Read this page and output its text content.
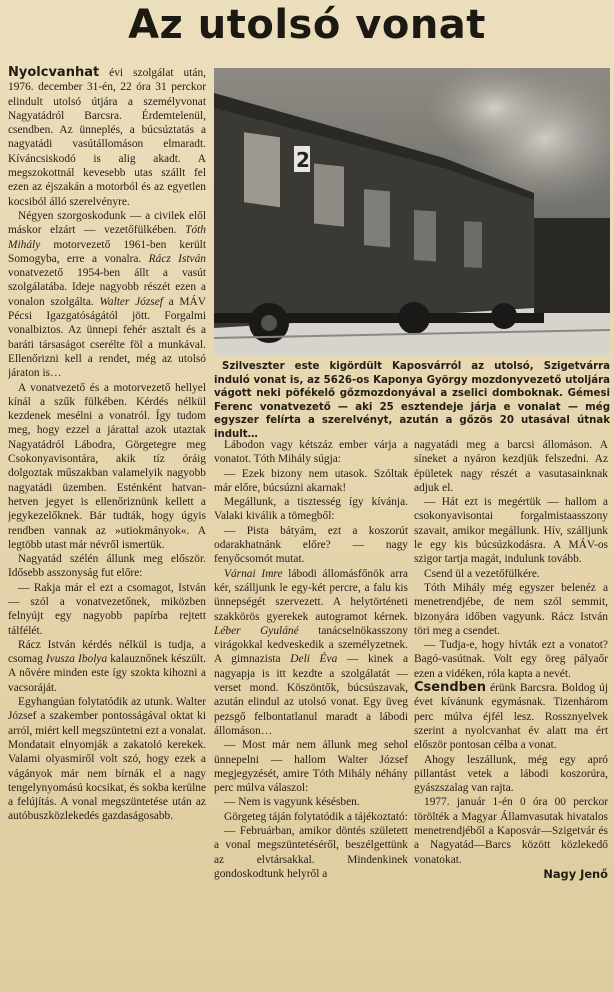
Az utolsó vonat

Nyolcvanhat évi szolgálat után, 1976. december 31-én, 22 óra 31 perckor elindult utolsó útjára a személyvonat Nagyatádról Barcsra. Érdemtelenül, csendben. Az ünneplés, a búcsúztatás a nagyatádi vasútállomáson elmaradt. Kíváncsiskodó is alig akadt. A megszokottnál kevesebb utas szállt fel ezen az éjszakán a motorból és az egyetlen kocsiból álló szerelvényre.

Négyen szorgoskodunk — a civilek elől máskor elzárt — vezetőfülkében. Tóth Mihály motorvezető 1961-ben került Somogyba, erre a vonalra. Rácz István vonatvezető 1954-ben állt a vasút szolgálatába. Ideje nagyobb részét ezen a vonalon szolgálta. Walter József a MÁV Pécsi Igazgatóságától jött. Forgalmi vonalbiztos. Az ünnepi fehér asztalt és a baráti társaságot cserélte föl a munkával. Ellenőrizni kell a rendet, még az utolsó járaton is…

A vonatvezető és a motorvezető hellyel kínál a szűk fülkében. Kérdés nélkül kezdenek mesélni a vonatról. Így tudom meg, hogy ezzel a járattal azok utaztak Nagyatádról Lábodra, Görgetegre meg Csokonyavisontára, akik tíz óráig dolgoztak műszakban valamelyik nagyobb nagyatádi üzemben. Esténként hatvan-hetven jegyet is ellenőriznünk kellett a jegykezelőknek. Bár tudták, hogy úgyis rendben vannak az »utiokmányok«. A legtöbb utast már névről ismertük.

Nagyatád szélén állunk meg először. Idősebb asszonyság fut előre:

— Rakja már el ezt a csomagot, István — szól a vonatvezetőnek, miközben felnyújt egy nagyobb papírba rejtett tálfélét.

Rácz István kérdés nélkül is tudja, a csomag Ivusza Ibolya kalauznőnek készült. A nővére minden este így szokta kihozni a vacsoráját.

Egyhangúan folytatódik az utunk. Walter József a szakember pontosságával oktat ki arról, miért kell megszüntetni ezt a vonalat. Mondatait elnyomják a zakatoló kerekek. Valami olyasmiről volt szó, hogy ezek a vágányok már nem bírnák el a nagy tengelynyomású kocsikat, és sokba kerülne a felújítás. A vonal megszüntetése után az autóbuszközlekedés gazdaságosabb.

2

Szilveszter este kigördült Kaposvárról az utolsó, Szigetvárra induló vonat is, az 5626-os Kaponya György mozdonyvezető utoljára vágott neki pöfékelő gőzmozdonyával a zselici domboknak. Gémesi Ferenc vonatvezető — aki 25 esztendeje járja e vonalat — még egyszer felírta a szerelvényt, azután a gőzös 20 utasával útnak indult…

Lábodon vagy kétszáz ember várja a vonatot. Tóth Mihály súgja:

— Ezek bizony nem utasok. Szóltak már előre, búcsúzni akarnak!

Megállunk, a tisztesség így kívánja. Valaki kiválik a tömegből:

— Pista bátyám, ezt a koszorút odarakhatnánk előre? — nagy fenyőcsomót mutat.

Várnai Imre lábodi állomásfőnök arra kér, szálljunk le egy-két percre, a falu kis ünnepségét szervezett. A helytörténeti szakkörös gyerekek autogramot kérnek. Léber Gyuláné tanácselnökasszony virágokkal kedveskedik a személyzetnek. A gimnazista Deli Éva — kinek a nagyapja is itt kezdte a szolgálatát — verset mond. Köszöntők, búcsúszavak, azután elindul az utolsó vonat. Egy üveg pezsgő felbontatlanul maradt a lábodi állomáson…

— Most már nem állunk meg sehol ünnepelni — hallom Walter József megjegyzését, amire Tóth Mihály néhány perc múlva válaszol:

— Nem is vagyunk késésben.

Görgeteg táján folytatódik a tájékoztató:

— Februárban, amikor döntés született a vonal megszüntetéséről, beszélgettünk az elvtársakkal. Mindenkinek gondoskodtunk helyről a

nagyatádi meg a barcsi állomáson. A síneket a nyáron kezdjük felszedni. Az épületek nagy részét a vasutasainknak adjuk el.

— Hát ezt is megértük — hallom a csokonyavisontai forgalmistaasszony szavait, amikor megállunk. Hív, szálljunk le egy kis búcsúzkodásra. A MÁV-os szigor tartja magát, indulunk tovább.

Csend ül a vezetőfülkére.

Tóth Mihály még egyszer belenéz a menetrendjébe, de nem szól semmit, bizonyára időben vagyunk. Rácz István töri meg a csendet.

— Tudja-e, hogy hívták ezt a vonatot? Bagó-vasútnak. Volt egy öreg pályaőr ezen a vidéken, róla kapta a nevét.

Csendben érünk Barcsra. Boldog új évet kívánunk egymásnak. Tizenhárom perc múlva éjfél lesz. Rossznyelvek szerint a nyolcvanhat év alatt ma ért először pontosan célba a vonat.

Ahogy leszállunk, még egy apró pillantást vetek a lábodi koszorúra, gyászszalag van rajta.

1977. január 1-én 0 óra 00 perckor törölték a Magyar Államvasutak hivatalos menetrendjéből a Kaposvár—Szigetvár és a Nagyatád—Barcs között közlekedő vonatokat.

Nagy Jenő
